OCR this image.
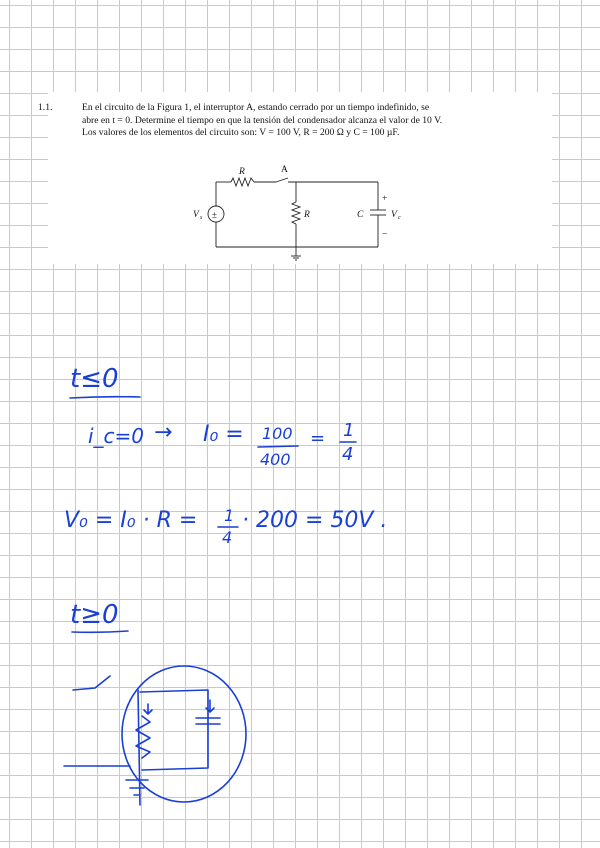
1.1.	En el circuito de la Figura 1, el interruptor A, estando cerrado por un tiempo indefinido, se
abre en t = 0. Determine el tiempo en que la tensión del condensador alcanza el valor de 10 V.
Los valores de los elementos del circuito son: V = 100 V, R = 200 Ω y C = 100 µF.
R	A
±
V s	R	C	V c
+
−
t≤0
i_c=0 → I₀ = 100
400
= 1
4
V₀ = I₀ · R = 1
4
· 200 = 50V .
t≥0
